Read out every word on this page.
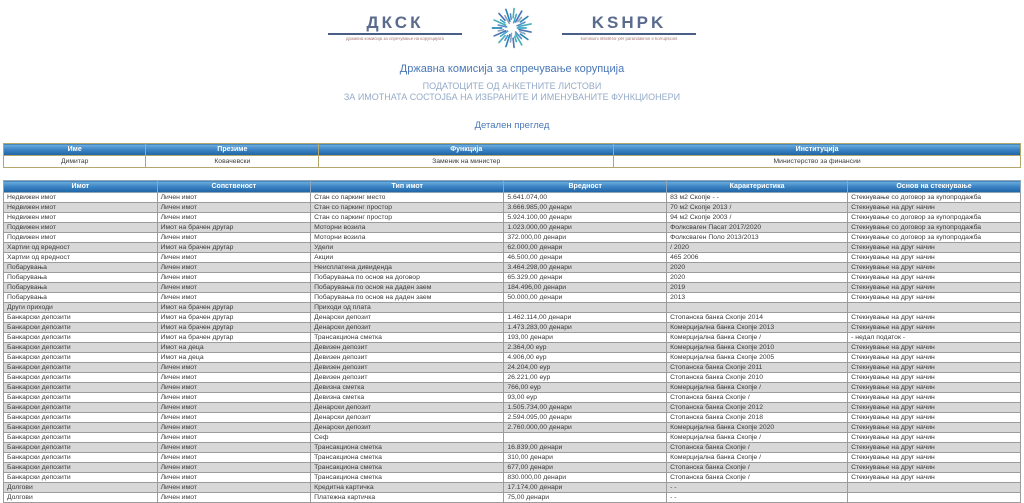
ДКСК
државна комисија за спречување на корупцијата
KSHPK
komisioni shtetëror për parandalimin e korrupsionit
Државна комисија за спречување корупција
ПОДАТОЦИТЕ ОД АНКЕТНИТЕ ЛИСТОВИ
ЗА ИМОТНАТА СОСТОЈБА НА ИЗБРАНИТЕ И ИМЕНУВАНИТЕ ФУНКЦИОНЕРИ
Детален преглед
Име	Презиме	Функција	Институција
Димитар	Ковачевски	Заменик на министер	Министерство за финансии
Имот	Сопственост	Тип имот	Вредност	Карактеристика	Основ на стекнување
Недвижен имот	Личен имот	Стан со паркинг место	5.641.074,00	83 м2 Скопје - -	Стекнување со договор за купопродажба
Недвижен имот	Личен имот	Стан со паркинг простор	3.666.985,00 денари	70 м2 Скопје 2013 /	Стекнување на друг начин
Недвижен имот	Личен имот	Стан со паркинг простор	5.924.100,00 денари	94 м2 Скопје 2003 /	Стекнување со договор за купопродажба
Подвижен имот	Имот на брачен другар	Моторни возила	1.023.000,00 денари	Фолксваген Пасат 2017/2020	Стекнување со договор за купопродажба
Подвижен имот	Личен имот	Моторни возила	372.000,00 денари	Фолксваген Поло 2013/2013	Стекнување со договор за купопродажба
Хартии од вредност	Имот на брачен другар	Удели	62.000,00 денари	/ 2020	Стекнување на друг начин
Хартии од вредност	Личен имот	Акции	46.500,00 денари	465 2006	Стекнување на друг начин
Побарувања	Личен имот	Неисплатена дивиденда	3.464.298,00 денари	2020	Стекнување на друг начин
Побарувања	Личен имот	Побарувања по основ на договор	65.329,00 денари	2020	Стекнување на друг начин
Побарувања	Личен имот	Побарувања по основ на даден заем	184.496,00 денари	2019	Стекнување на друг начин
Побарувања	Личен имот	Побарувања по основ на даден заем	50.000,00 денари	2013	Стекнување на друг начин
Други приходи	Имот на брачен другар	Приходи од плата			
Банкарски депозити	Имот на брачен другар	Денарски депозит	1.462.114,00 денари	Стопанска банка Скопје 2014	Стекнување на друг начин
Банкарски депозити	Имот на брачен другар	Денарски депозит	1.473.283,00 денари	Комерцијална банка Скопје 2013	Стекнување на друг начин
Банкарски депозити	Имот на брачен другар	Трансакциона сметка	193,00 денари	Комерцијална банка Скопје /	- недал податок -
Банкарски депозити	Имот на деца	Девизен депозит	2.364,00 еур	Комерцијална банка Скопје 2010	Стекнување на друг начин
Банкарски депозити	Имот на деца	Девизен депозит	4.906,00 еур	Комерцијална банка Скопје 2005	Стекнување на друг начин
Банкарски депозити	Личен имот	Девизен депозит	24.204,00 еур	Стопанска банка Скопје 2011	Стекнување на друг начин
Банкарски депозити	Личен имот	Девизен депозит	26.221,00 еур	Стопанска банка Скопје 2010	Стекнување на друг начин
Банкарски депозити	Личен имот	Девизна сметка	766,00 еур	Комерцијална банка Скопје /	Стекнување на друг начин
Банкарски депозити	Личен имот	Девизна сметка	93,00 еур	Стопанска банка Скопје /	Стекнување на друг начин
Банкарски депозити	Личен имот	Денарски депозит	1.505.734,00 денари	Стопанска банка Скопје 2012	Стекнување на друг начин
Банкарски депозити	Личен имот	Денарски депозит	2.594.095,00 денари	Стопанска банка Скопје 2018	Стекнување на друг начин
Банкарски депозити	Личен имот	Денарски депозит	2.760.000,00 денари	Комерцијална банка Скопје 2020	Стекнување на друг начин
Банкарски депозити	Личен имот	Сеф		Комерцијална банка Скопје /	Стекнување на друг начин
Банкарски депозити	Личен имот	Трансакциона сметка	16.839,00 денари	Стопанска банка Скопје /	Стекнување на друг начин
Банкарски депозити	Личен имот	Трансакциона сметка	310,00 денари	Комерцијална банка Скопје /	Стекнување на друг начин
Банкарски депозити	Личен имот	Трансакциона сметка	677,00 денари	Стопанска банка Скопје /	Стекнување на друг начин
Банкарски депозити	Личен имот	Трансакциона сметка	830.000,00 денари	Стопанска банка Скопје /	Стекнување на друг начин
Долгови	Личен имот	Кредитна картичка	17.174,00 денари	- -	
Долгови	Личен имот	Платежна картичка	75,00 денари	- -	
